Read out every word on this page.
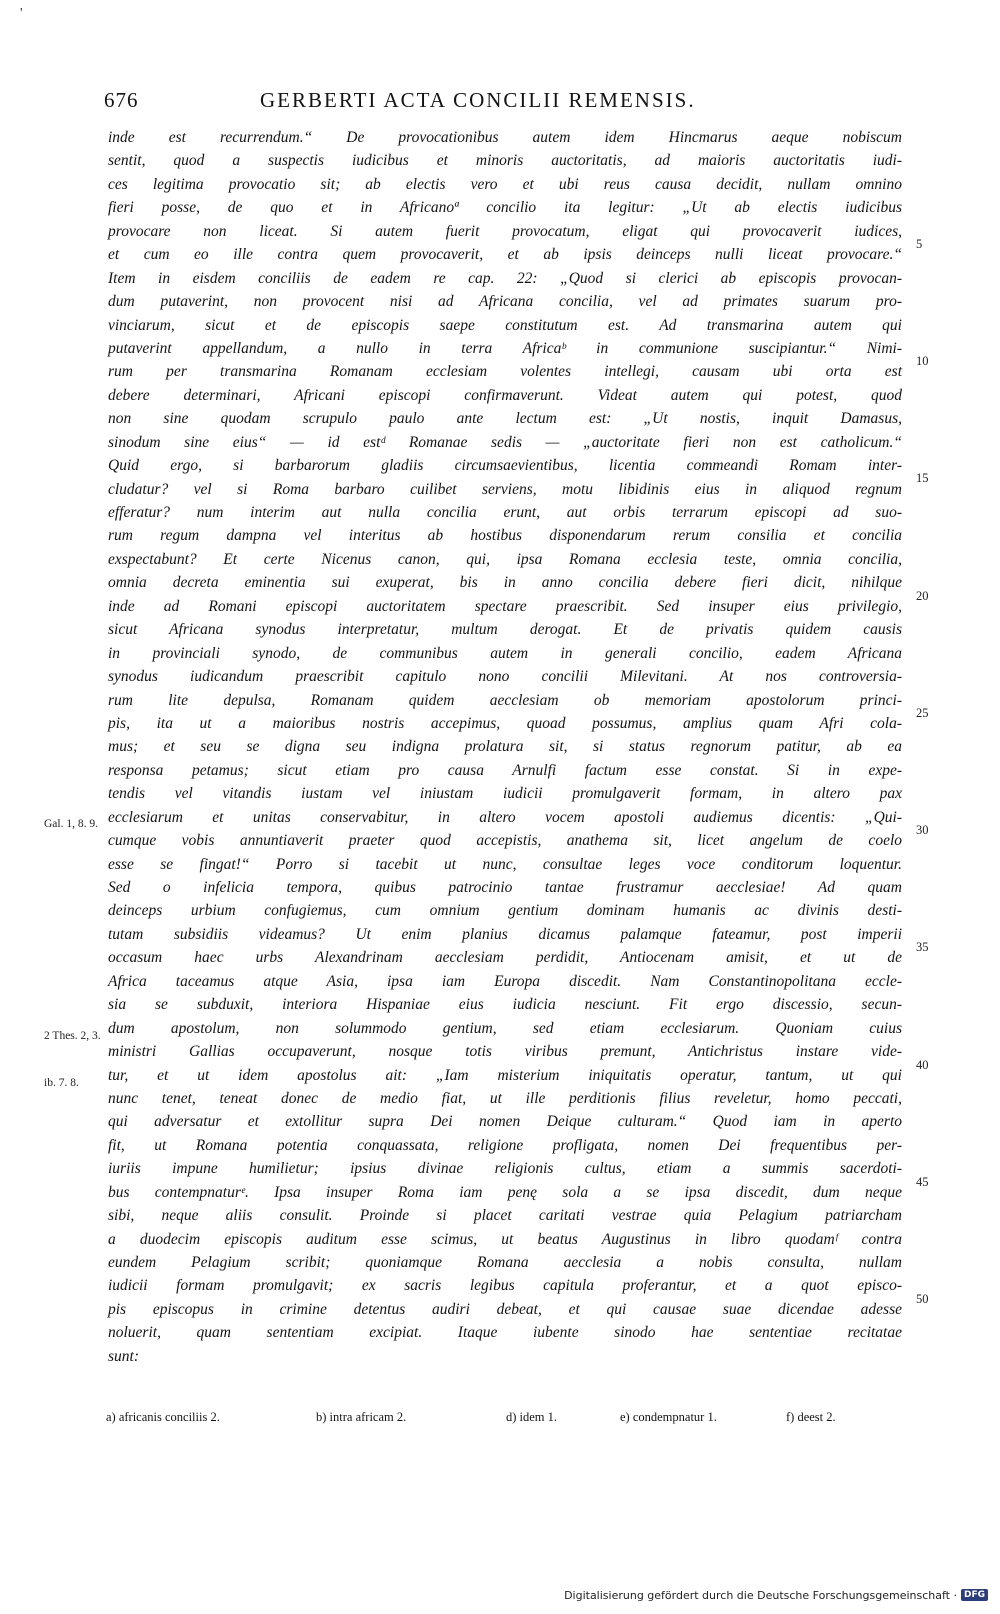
'
676	GERBERTI ACTA CONCILII REMENSIS.
inde est recurrendum.“ De provocationibus autem idem Hincmarus aeque nobiscum
sentit, quod a suspectis iudicibus et minoris auctoritatis, ad maioris auctoritatis iudi-
ces legitima provocatio sit; ab electis vero et ubi reus causa decidit, nullam omnino
fieri posse, de quo et in Africanoª concilio ita legitur: „Ut ab electis iudicibus
provocare non liceat. Si autem fuerit provocatum, eligat qui provocaverit iudices,
et cum eo ille contra quem provocaverit, et ab ipsis deinceps nulli liceat provocare.“
Item in eisdem conciliis de eadem re cap. 22: „Quod si clerici ab episcopis provocan-
dum putaverint, non provocent nisi ad Africana concilia, vel ad primates suarum pro-
vinciarum, sicut et de episcopis saepe constitutum est. Ad transmarina autem qui
putaverint appellandum, a nullo in terra Africaᵇ in communione suscipiantur.“ Nimi-
rum per transmarina Romanam ecclesiam volentes intellegi, causam ubi orta est
debere determinari, Africani episcopi confirmaverunt. Videat autem qui potest, quod
non sine quodam scrupulo paulo ante lectum est: „Ut nostis, inquit Damasus,
sinodum sine eius“ — id estᵈ Romanae sedis — „auctoritate fieri non est catholicum.“
Quid ergo, si barbarorum gladiis circumsaevientibus, licentia commeandi Romam inter-
cludatur? vel si Roma barbaro cuilibet serviens, motu libidinis eius in aliquod regnum
efferatur? num interim aut nulla concilia erunt, aut orbis terrarum episcopi ad suo-
rum regum dampna vel interitus ab hostibus disponendarum rerum consilia et concilia
exspectabunt? Et certe Nicenus canon, qui, ipsa Romana ecclesia teste, omnia concilia,
omnia decreta eminentia sui exuperat, bis in anno concilia debere fieri dicit, nihilque
inde ad Romani episcopi auctoritatem spectare praescribit. Sed insuper eius privilegio,
sicut Africana synodus interpretatur, multum derogat. Et de privatis quidem causis
in provinciali synodo, de communibus autem in generali concilio, eadem Africana
synodus iudicandum praescribit capitulo nono concilii Milevitani. At nos controversia-
rum lite depulsa, Romanam quidem aecclesiam ob memoriam apostolorum princi-
pis, ita ut a maioribus nostris accepimus, quoad possumus, amplius quam Afri cola-
mus; et seu se digna seu indigna prolatura sit, si status regnorum patitur, ab ea
responsa petamus; sicut etiam pro causa Arnulfi factum esse constat. Si in expe-
tendis vel vitandis iustam vel iniustam iudicii promulgaverit formam, in altero pax
ecclesiarum et unitas conservabitur, in altero vocem apostoli audiemus dicentis: „Qui-
cumque vobis annuntiaverit praeter quod accepistis, anathema sit, licet angelum de coelo
esse se fingat!“ Porro si tacebit ut nunc, consultae leges voce conditorum loquentur.
Sed o infelicia tempora, quibus patrocinio tantae frustramur aecclesiae! Ad quam
deinceps urbium confugiemus, cum omnium gentium dominam humanis ac divinis desti-
tutam subsidiis videamus? Ut enim planius dicamus palamque fateamur, post imperii
occasum haec urbs Alexandrinam aecclesiam perdidit, Antiocenam amisit, et ut de
Africa taceamus atque Asia, ipsa iam Europa discedit. Nam Constantinopolitana eccle-
sia se subduxit, interiora Hispaniae eius iudicia nesciunt. Fit ergo discessio, secun-
dum apostolum, non solummodo gentium, sed etiam ecclesiarum. Quoniam cuius
ministri Gallias occupaverunt, nosque totis viribus premunt, Antichristus instare vide-
tur, et ut idem apostolus ait: „Iam misterium iniquitatis operatur, tantum, ut qui
nunc tenet, teneat donec de medio fiat, ut ille perditionis filius reveletur, homo peccati,
qui adversatur et extollitur supra Dei nomen Deique culturam.“ Quod iam in aperto
fit, ut Romana potentia conquassata, religione profligata, nomen Dei frequentibus per-
iuriis impune humilietur; ipsius divinae religionis cultus, etiam a summis sacerdoti-
bus contempnaturᵉ. Ipsa insuper Roma iam penę sola a se ipsa discedit, dum neque
sibi, neque aliis consulit. Proinde si placet caritati vestrae quia Pelagium patriarcham
a duodecim episcopis auditum esse scimus, ut beatus Augustinus in libro quodamᶠ contra
eundem Pelagium scribit; quoniamque Romana aecclesia a nobis consulta, nullam
iudicii formam promulgavit; ex sacris legibus capitula proferantur, et a quot episco-
pis episcopus in crimine detentus audiri debeat, et qui causae suae dicendae adesse
noluerit, quam sententiam excipiat. Itaque iubente sinodo hae sententiae recitatae
sunt:
5
10
15
20
25
30
35
40
45
50
Gal. 1, 8. 9.
2 Thes. 2, 3.
ib. 7. 8.
a) africanis conciliis 2.	b) intra africam 2.	d) idem 1.	e) condempnatur 1.	f) deest 2.
Digitalisierung gefördert durch die Deutsche Forschungsgemeinschaft · DFG
